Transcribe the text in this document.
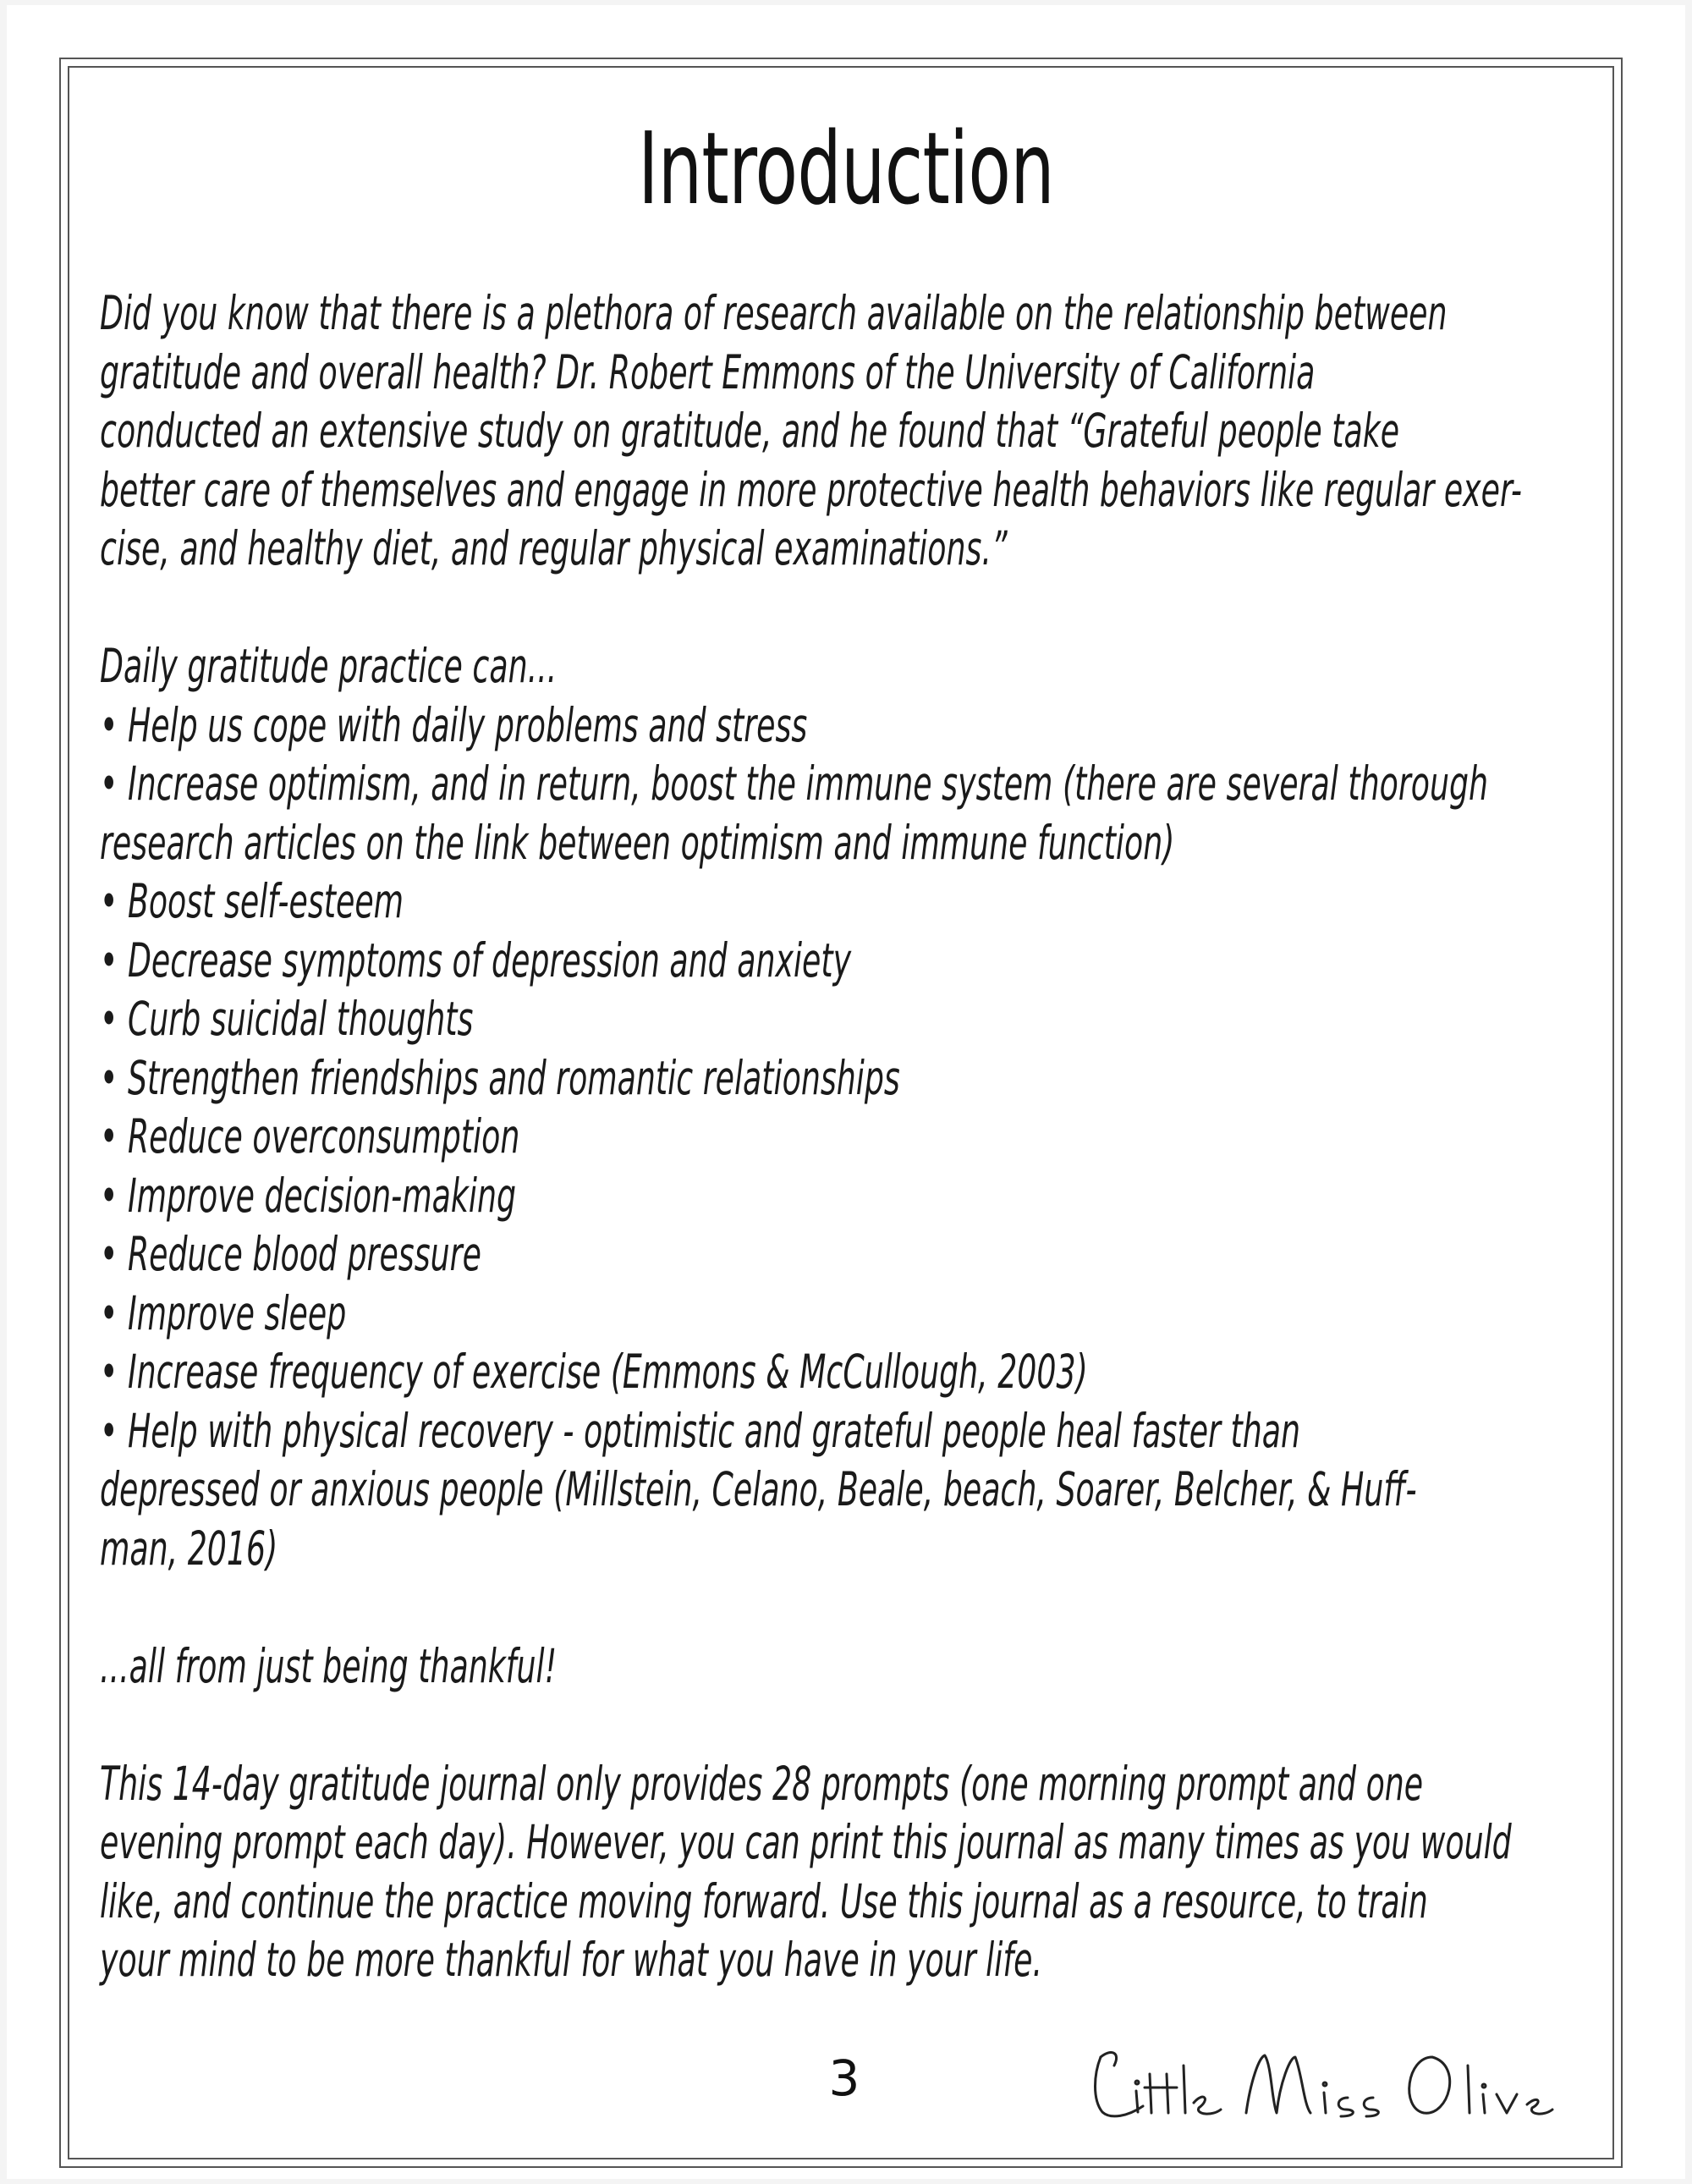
Introduction
Did you know that there is a plethora of research available on the relationship between
gratitude and overall health? Dr. Robert Emmons of the University of California
conducted an extensive study on gratitude, and he found that “Grateful people take
better care of themselves and engage in more protective health behaviors like regular exer-
cise, and healthy diet, and regular physical examinations.”
Daily gratitude practice can...
• Help us cope with daily problems and stress
• Increase optimism, and in return, boost the immune system (there are several thorough
research articles on the link between optimism and immune function)
• Boost self-esteem
• Decrease symptoms of depression and anxiety
• Curb suicidal thoughts
• Strengthen friendships and romantic relationships
• Reduce overconsumption
• Improve decision-making
• Reduce blood pressure
• Improve sleep
• Increase frequency of exercise (Emmons & McCullough, 2003)
• Help with physical recovery - optimistic and grateful people heal faster than
depressed or anxious people (Millstein, Celano, Beale, beach, Soarer, Belcher, & Huff-
man, 2016)
...all from just being thankful!
This 14-day gratitude journal only provides 28 prompts (one morning prompt and one
evening prompt each day). However, you can print this journal as many times as you would
like, and continue the practice moving forward. Use this journal as a resource, to train
your mind to be more thankful for what you have in your life.
3
